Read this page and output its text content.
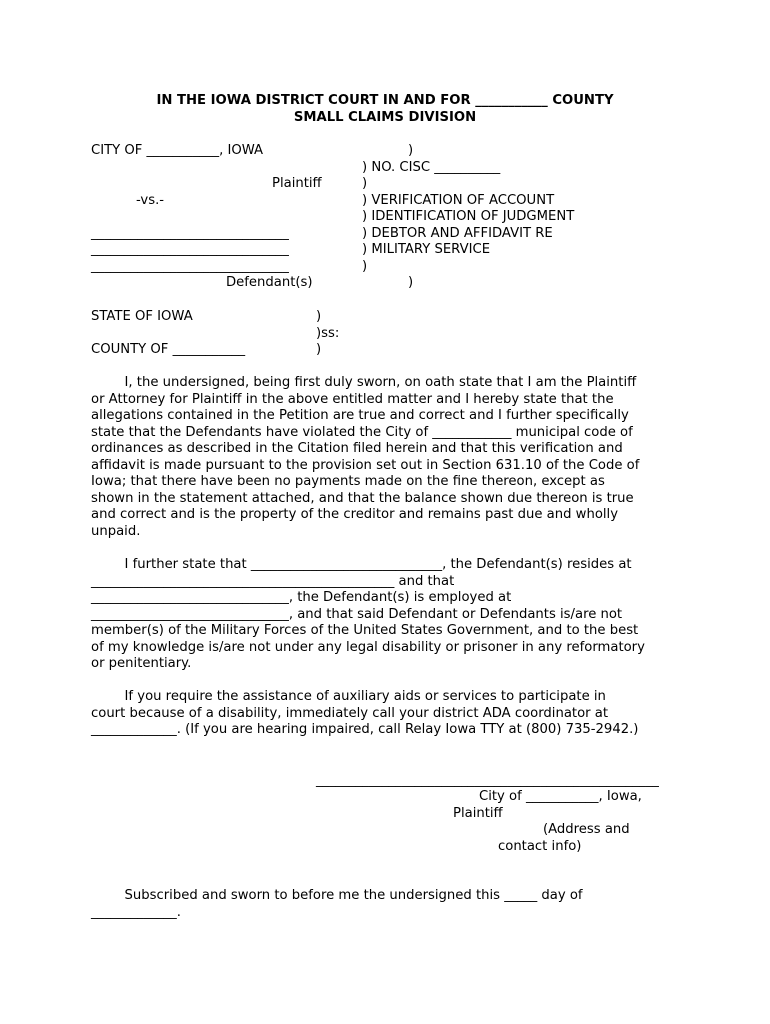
IN THE IOWA DISTRICT COURT IN AND FOR ___________ COUNTY
SMALL CLAIMS DIVISION
CITY OF ___________, IOWA
Plaintiff
-vs.-
______________________________
______________________________
______________________________
Defendant(s)
)
) NO. CISC __________
)
) VERIFICATION OF ACCOUNT
) IDENTIFICATION OF JUDGMENT
) DEBTOR AND AFFIDAVIT RE
) MILITARY SERVICE
)
)
STATE OF IOWA
COUNTY OF ___________
)
)ss:
)
I, the undersigned, being first duly sworn, on oath state that I am the Plaintiff
or Attorney for Plaintiff in the above entitled matter and I hereby state that the
allegations contained in the Petition are true and correct and I further specifically
state that the Defendants have violated the City of ____________ municipal code of
ordinances as described in the Citation filed herein and that this verification and
affidavit is made pursuant to the provision set out in Section 631.10 of the Code of
Iowa; that there have been no payments made on the fine thereon, except as
shown in the statement attached, and that the balance shown due thereon is true
and correct and is the property of the creditor and remains past due and wholly
unpaid.
I further state that _____________________________, the Defendant(s) resides at
______________________________________________ and that
______________________________, the Defendant(s) is employed at
______________________________, and that said Defendant or Defendants is/are not
member(s) of the Military Forces of the United States Government, and to the best
of my knowledge is/are not under any legal disability or prisoner in any reformatory
or penitentiary.
If you require the assistance of auxiliary aids or services to participate in
court because of a disability, immediately call your district ADA coordinator at
_____________. (If you are hearing impaired, call Relay Iowa TTY at (800) 735-2942.)
____________________________________________________
City of ___________, Iowa,
Plaintiff
(Address and
contact info)
Subscribed and sworn to before me the undersigned this _____ day of
_____________.
